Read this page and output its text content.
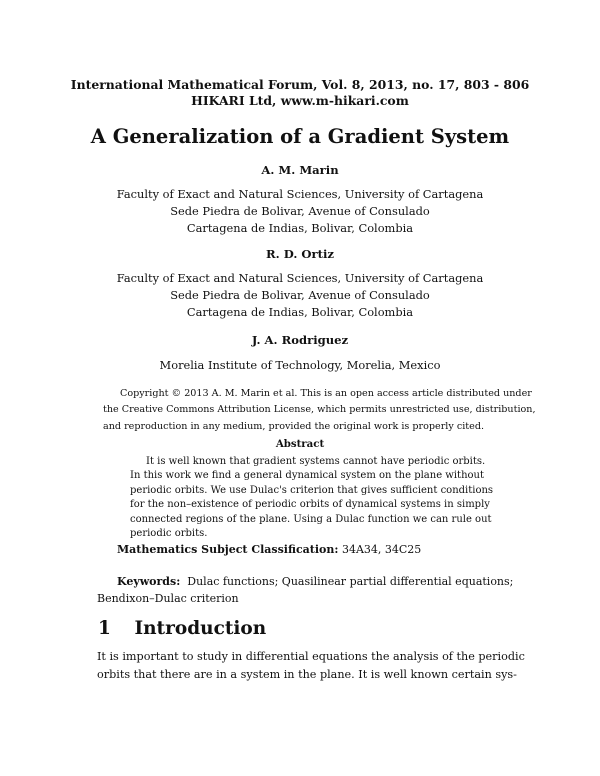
International Mathematical Forum, Vol. 8, 2013, no. 17, 803 - 806
HIKARI Ltd, www.m-hikari.com
A Generalization of a Gradient System
A. M. Marin
Faculty of Exact and Natural Sciences, University of Cartagena
Sede Piedra de Bolivar, Avenue of Consulado
Cartagena de Indias, Bolivar, Colombia
R. D. Ortiz
Faculty of Exact and Natural Sciences, University of Cartagena
Sede Piedra de Bolivar, Avenue of Consulado
Cartagena de Indias, Bolivar, Colombia
J. A. Rodriguez
Morelia Institute of Technology, Morelia, Mexico
Copyright © 2013 A. M. Marin et al. This is an open access article distributed under
the Creative Commons Attribution License, which permits unrestricted use, distribution,
and reproduction in any medium, provided the original work is properly cited.
Abstract
It is well known that gradient systems cannot have periodic orbits.
In this work we find a general dynamical system on the plane without
periodic orbits. We use Dulac's criterion that gives sufficient conditions
for the non–existence of periodic orbits of dynamical systems in simply
connected regions of the plane. Using a Dulac function we can rule out
periodic orbits.
Mathematics Subject Classification: 34A34, 34C25
Keywords: Dulac functions; Quasilinear partial differential equations;
Bendixon–Dulac criterion
1 Introduction
It is important to study in differential equations the analysis of the periodic
orbits that there are in a system in the plane. It is well known certain sys-
